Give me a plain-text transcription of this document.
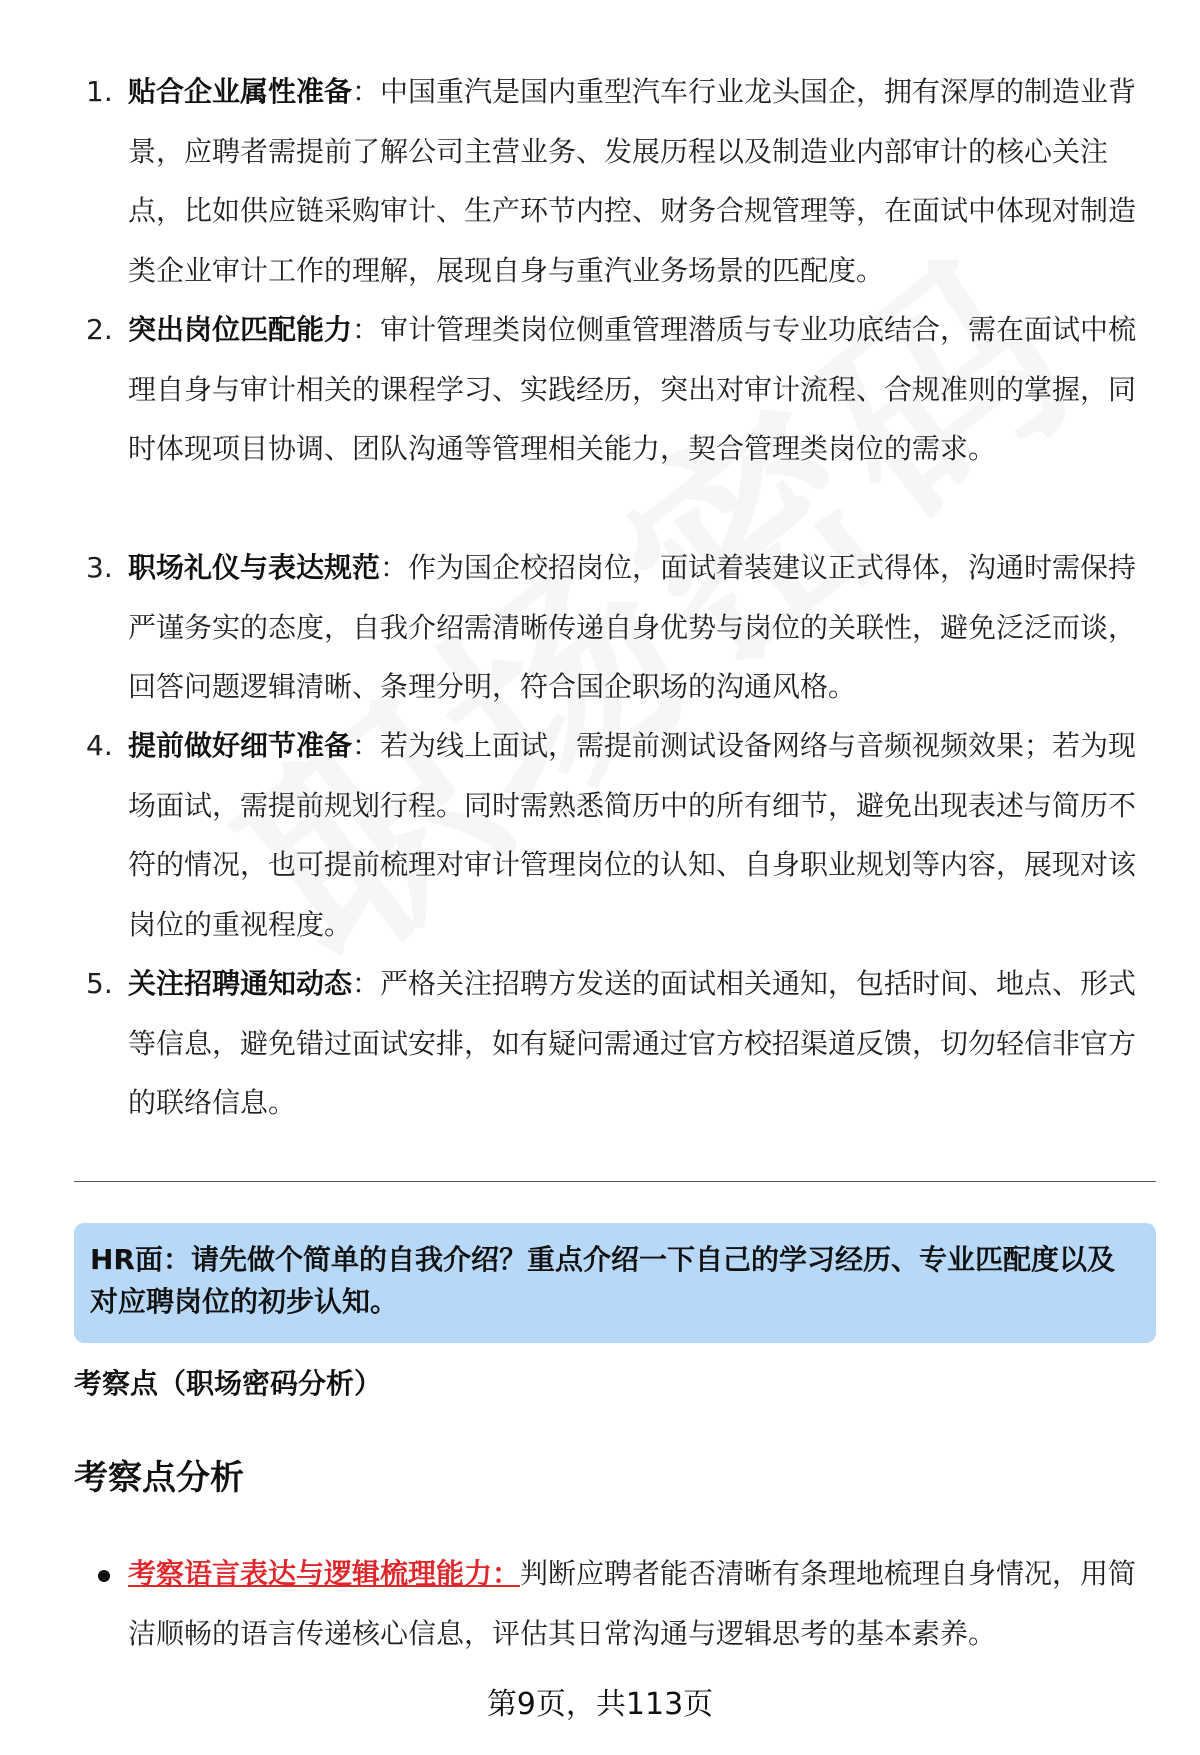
1. 贴合企业属性准备：中国重汽是国内重型汽车行业龙头国企，拥有深厚的制造业背景，应聘者需提前了解公司主营业务、发展历程以及制造业内部审计的核心关注点，比如供应链采购审计、生产环节内控、财务合规管理等，在面试中体现对制造类企业审计工作的理解，展现自身与重汽业务场景的匹配度。
2. 突出岗位匹配能力：审计管理类岗位侧重管理潜质与专业功底结合，需在面试中梳理自身与审计相关的课程学习、实践经历，突出对审计流程、合规准则的掌握，同时体现项目协调、团队沟通等管理相关能力，契合管理类岗位的需求。
3. 职场礼仪与表达规范：作为国企校招岗位，面试着装建议正式得体，沟通时需保持严谨务实的态度，自我介绍需清晰传递自身优势与岗位的关联性，避免泛泛而谈，回答问题逻辑清晰、条理分明，符合国企职场的沟通风格。
4. 提前做好细节准备：若为线上面试，需提前测试设备网络与音频视频效果；若为现场面试，需提前规划行程。同时需熟悉简历中的所有细节，避免出现表述与简历不符的情况，也可提前梳理对审计管理岗位的认知、自身职业规划等内容，展现对该岗位的重视程度。
5. 关注招聘通知动态：严格关注招聘方发送的面试相关通知，包括时间、地点、形式等信息，避免错过面试安排，如有疑问需通过官方校招渠道反馈，切勿轻信非官方的联络信息。
HR面：请先做个简单的自我介绍？重点介绍一下自己的学习经历、专业匹配度以及对应聘岗位的初步认知。
考察点（职场密码分析）
考察点分析
考察语言表达与逻辑梳理能力：判断应聘者能否清晰有条理地梳理自身情况，用简洁顺畅的语言传递核心信息，评估其日常沟通与逻辑思考的基本素养。
第9页，共113页
